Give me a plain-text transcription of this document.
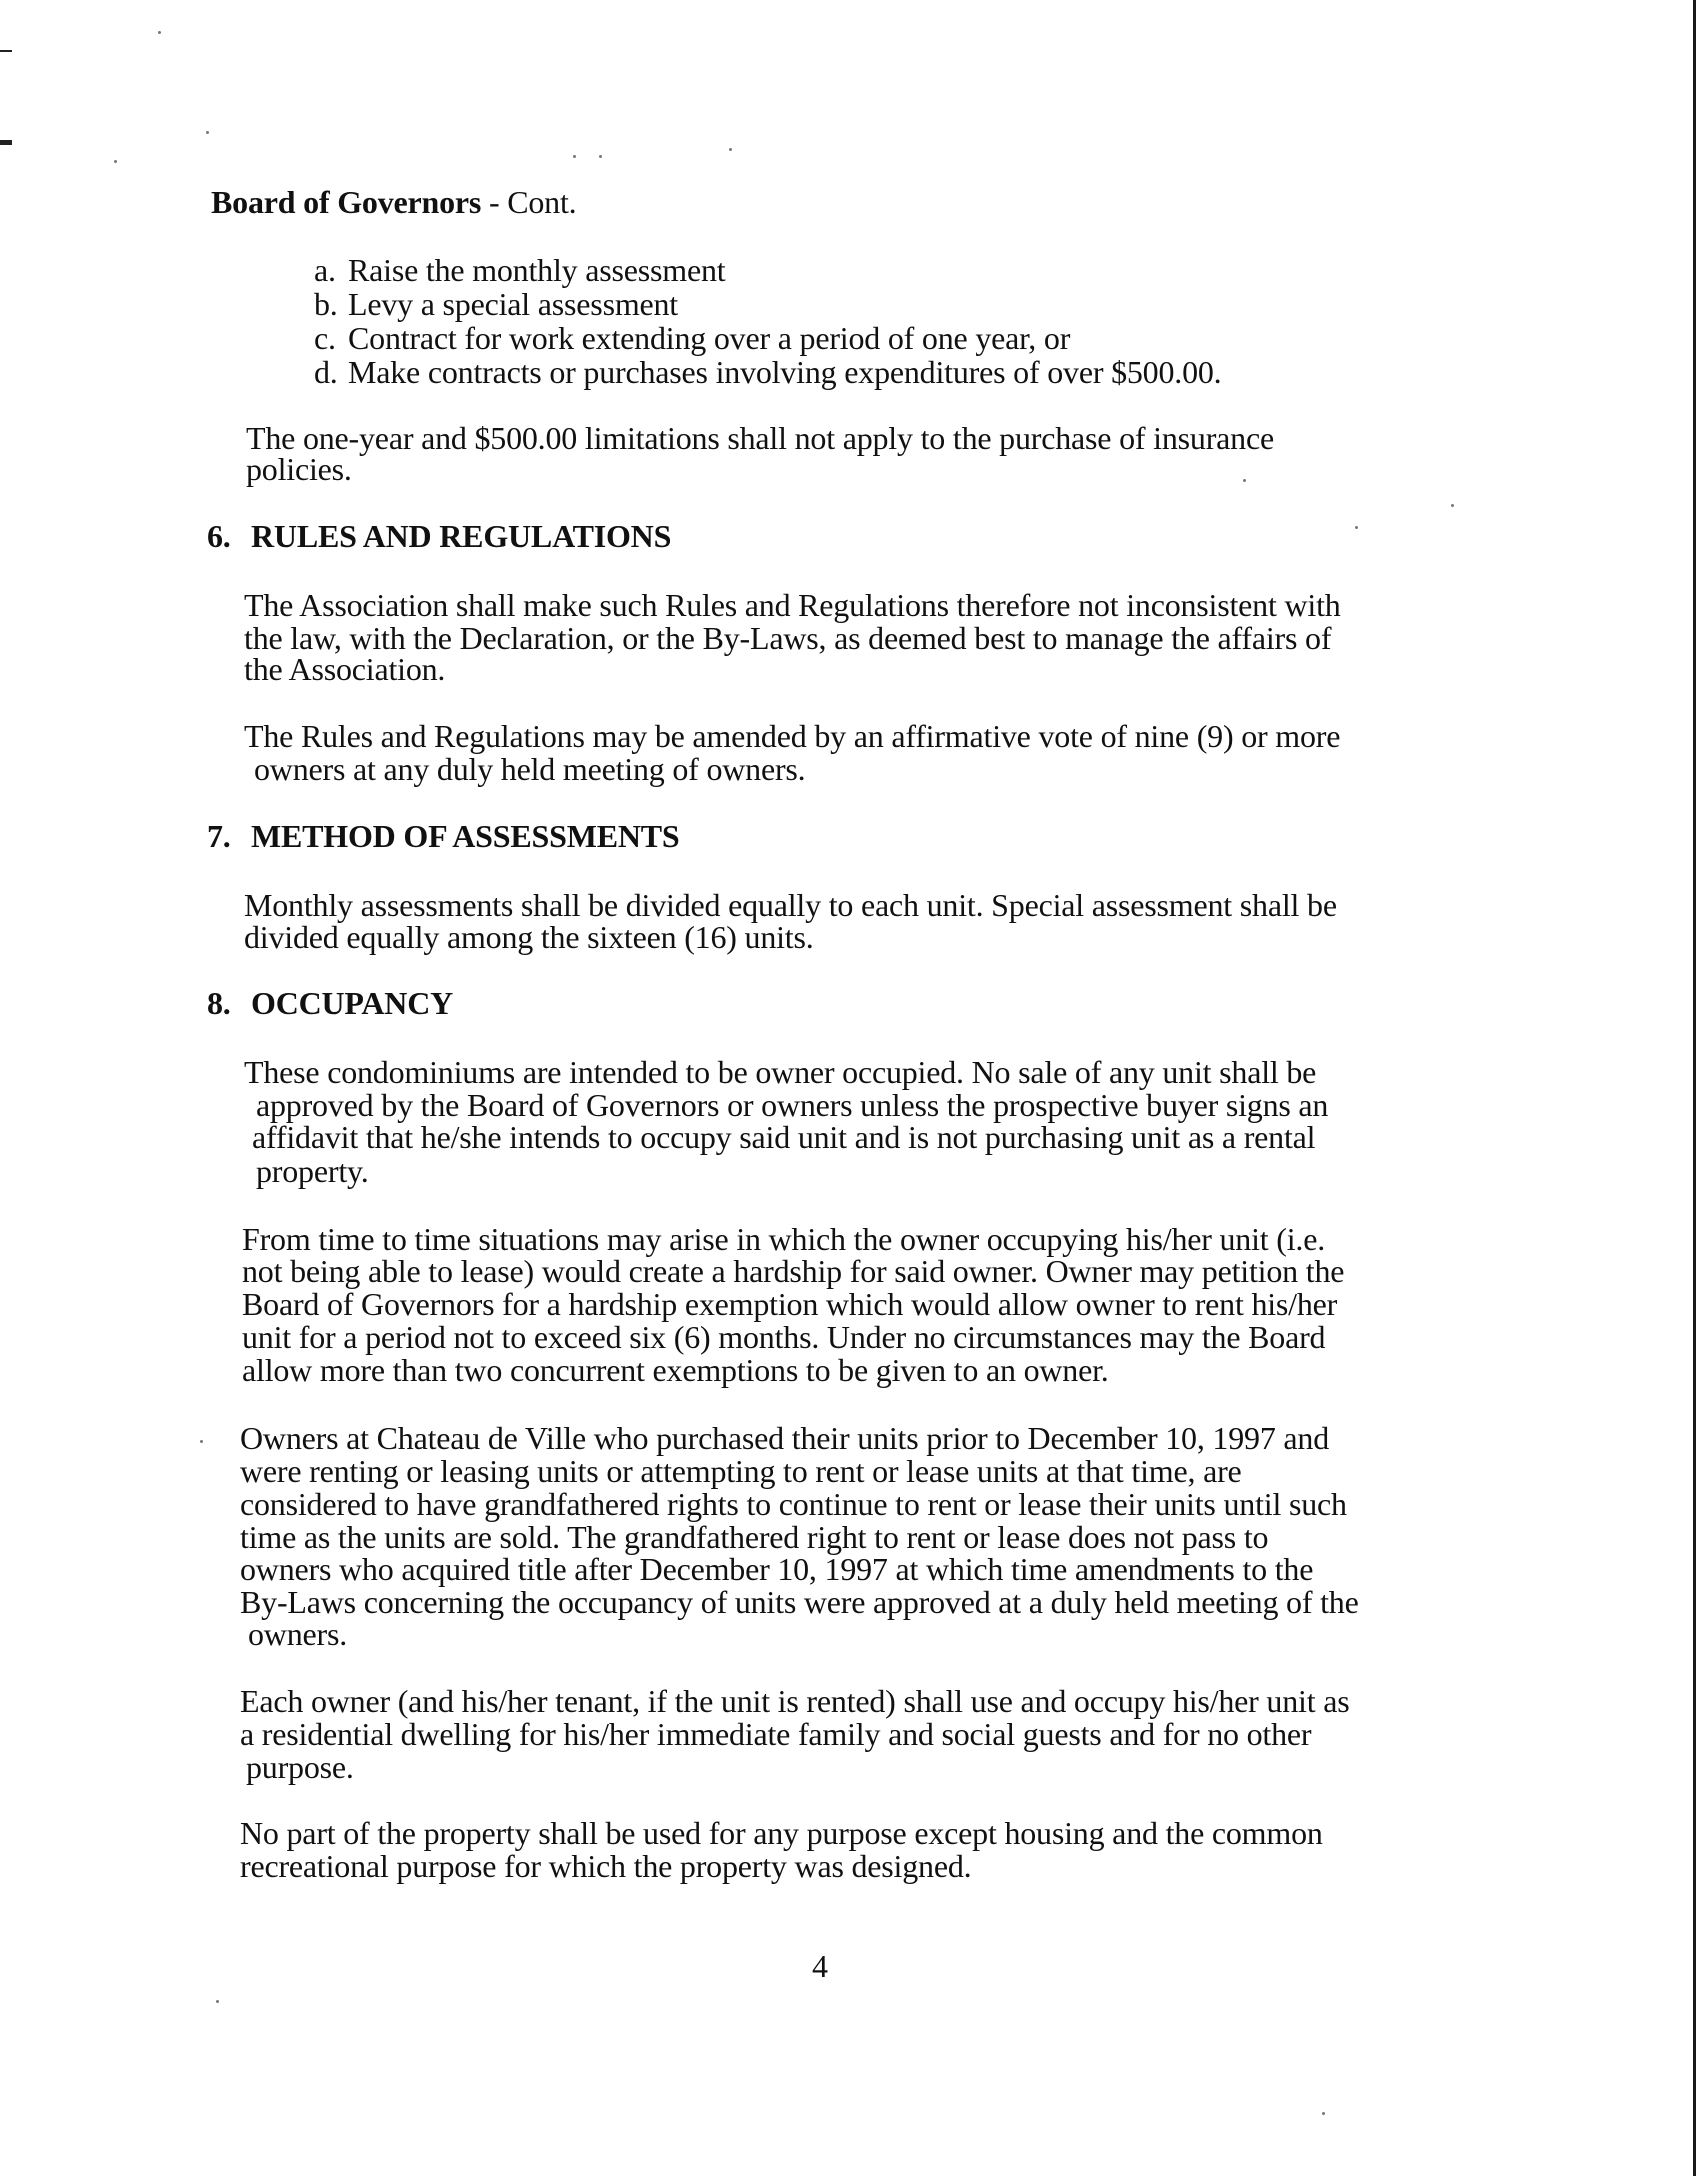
Board of Governors - Cont.
a. Raise the monthly assessment
b. Levy a special assessment
c. Contract for work extending over a period of one year, or
d. Make contracts or purchases involving expenditures of over $500.00.
The one-year and $500.00 limitations shall not apply to the purchase of insurance
policies.
6. RULES AND REGULATIONS
The Association shall make such Rules and Regulations therefore not inconsistent with
the law, with the Declaration, or the By-Laws, as deemed best to manage the affairs of
the Association.
The Rules and Regulations may be amended by an affirmative vote of nine (9) or more
owners at any duly held meeting of owners.
7. METHOD OF ASSESSMENTS
Monthly assessments shall be divided equally to each unit. Special assessment shall be
divided equally among the sixteen (16) units.
8. OCCUPANCY
These condominiums are intended to be owner occupied. No sale of any unit shall be
approved by the Board of Governors or owners unless the prospective buyer signs an
affidavit that he/she intends to occupy said unit and is not purchasing unit as a rental
property.
From time to time situations may arise in which the owner occupying his/her unit (i.e.
not being able to lease) would create a hardship for said owner. Owner may petition the
Board of Governors for a hardship exemption which would allow owner to rent his/her
unit for a period not to exceed six (6) months. Under no circumstances may the Board
allow more than two concurrent exemptions to be given to an owner.
Owners at Chateau de Ville who purchased their units prior to December 10, 1997 and
were renting or leasing units or attempting to rent or lease units at that time, are
considered to have grandfathered rights to continue to rent or lease their units until such
time as the units are sold. The grandfathered right to rent or lease does not pass to
owners who acquired title after December 10, 1997 at which time amendments to the
By-Laws concerning the occupancy of units were approved at a duly held meeting of the
owners.
Each owner (and his/her tenant, if the unit is rented) shall use and occupy his/her unit as
a residential dwelling for his/her immediate family and social guests and for no other
purpose.
No part of the property shall be used for any purpose except housing and the common
recreational purpose for which the property was designed.
4
